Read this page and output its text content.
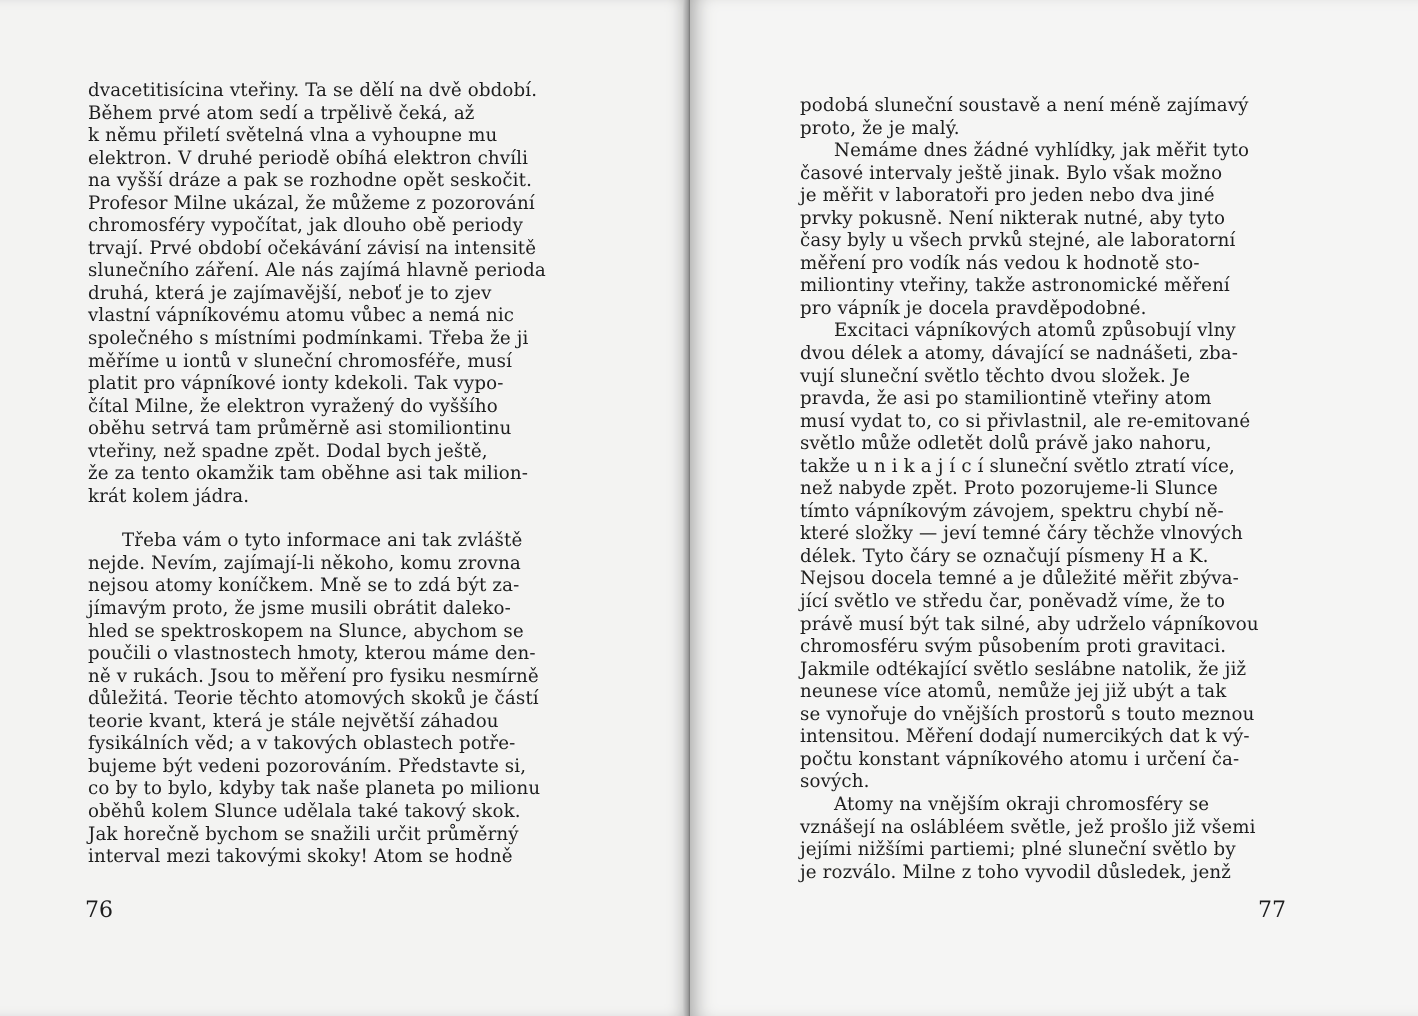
dvacetitisícina vteřiny. Ta se dělí na dvě období.
Během prvé atom sedí a trpělivě čeká, až
k němu přiletí světelná vlna a vyhoupne mu
elektron. V druhé periodě obíhá elektron chvíli
na vyšší dráze a pak se rozhodne opět seskočit.
Profesor Milne ukázal, že můžeme z pozorování
chromosféry vypočítat, jak dlouho obě periody
trvají. Prvé období očekávání závisí na intensitě
slunečního záření. Ale nás zajímá hlavně perioda
druhá, která je zajímavější, neboť je to zjev
vlastní vápníkovému atomu vůbec a nemá nic
společného s místními podmínkami. Třeba že ji
měříme u iontů v sluneční chromosféře, musí
platit pro vápníkové ionty kdekoli. Tak vypo-
čítal Milne, že elektron vyražený do vyššího
oběhu setrvá tam průměrně asi stomiliontinu
vteřiny, než spadne zpět. Dodal bych ještě,
že za tento okamžik tam oběhne asi tak milion-
krát kolem jádra.
Třeba vám o tyto informace ani tak zvláště
nejde. Nevím, zajímají-li někoho, komu zrovna
nejsou atomy koníčkem. Mně se to zdá být za-
jímavým proto, že jsme musili obrátit daleko-
hled se spektroskopem na Slunce, abychom se
poučili o vlastnostech hmoty, kterou máme den-
ně v rukách. Jsou to měření pro fysiku nesmírně
důležitá. Teorie těchto atomových skoků je částí
teorie kvant, která je stále největší záhadou
fysikálních věd; a v takových oblastech potře-
bujeme být vedeni pozorováním. Představte si,
co by to bylo, kdyby tak naše planeta po milionu
oběhů kolem Slunce udělala také takový skok.
Jak horečně bychom se snažili určit průměrný
interval mezi takovými skoky! Atom se hodně
76
podobá sluneční soustavě a není méně zajímavý
proto, že je malý.
Nemáme dnes žádné vyhlídky, jak měřit tyto
časové intervaly ještě jinak. Bylo však možno
je měřit v laboratoři pro jeden nebo dva jiné
prvky pokusně. Není nikterak nutné, aby tyto
časy byly u všech prvků stejné, ale laboratorní
měření pro vodík nás vedou k hodnotě sto-
miliontiny vteřiny, takže astronomické měření
pro vápník je docela pravděpodobné.
Excitaci vápníkových atomů způsobují vlny
dvou délek a atomy, dávající se nadnášeti, zba-
vují sluneční světlo těchto dvou složek. Je
pravda, že asi po stamiliontině vteřiny atom
musí vydat to, co si přivlastnil, ale re-emitované
světlo může odletět dolů právě jako nahoru,
takže u n i k a j í c í sluneční světlo ztratí více,
než nabyde zpět. Proto pozorujeme-li Slunce
tímto vápníkovým závojem, spektru chybí ně-
které složky — jeví temné čáry těchže vlnových
délek. Tyto čáry se označují písmeny H a K.
Nejsou docela temné a je důležité měřit zbýva-
jící světlo ve středu čar, poněvadž víme, že to
právě musí být tak silné, aby udrželo vápníkovou
chromosféru svým působením proti gravitaci.
Jakmile odtékající světlo seslábne natolik, že již
neunese více atomů, nemůže jej již ubýt a tak
se vynořuje do vnějších prostorů s touto meznou
intensitou. Měření dodají numercikých dat k vý-
počtu konstant vápníkového atomu i určení ča-
sových.
Atomy na vnějším okraji chromosféry se
vznášejí na oslábléem světle, jež prošlo již všemi
jejími nižšími partiemi; plné sluneční světlo by
je rozválo. Milne z toho vyvodil důsledek, jenž
77
